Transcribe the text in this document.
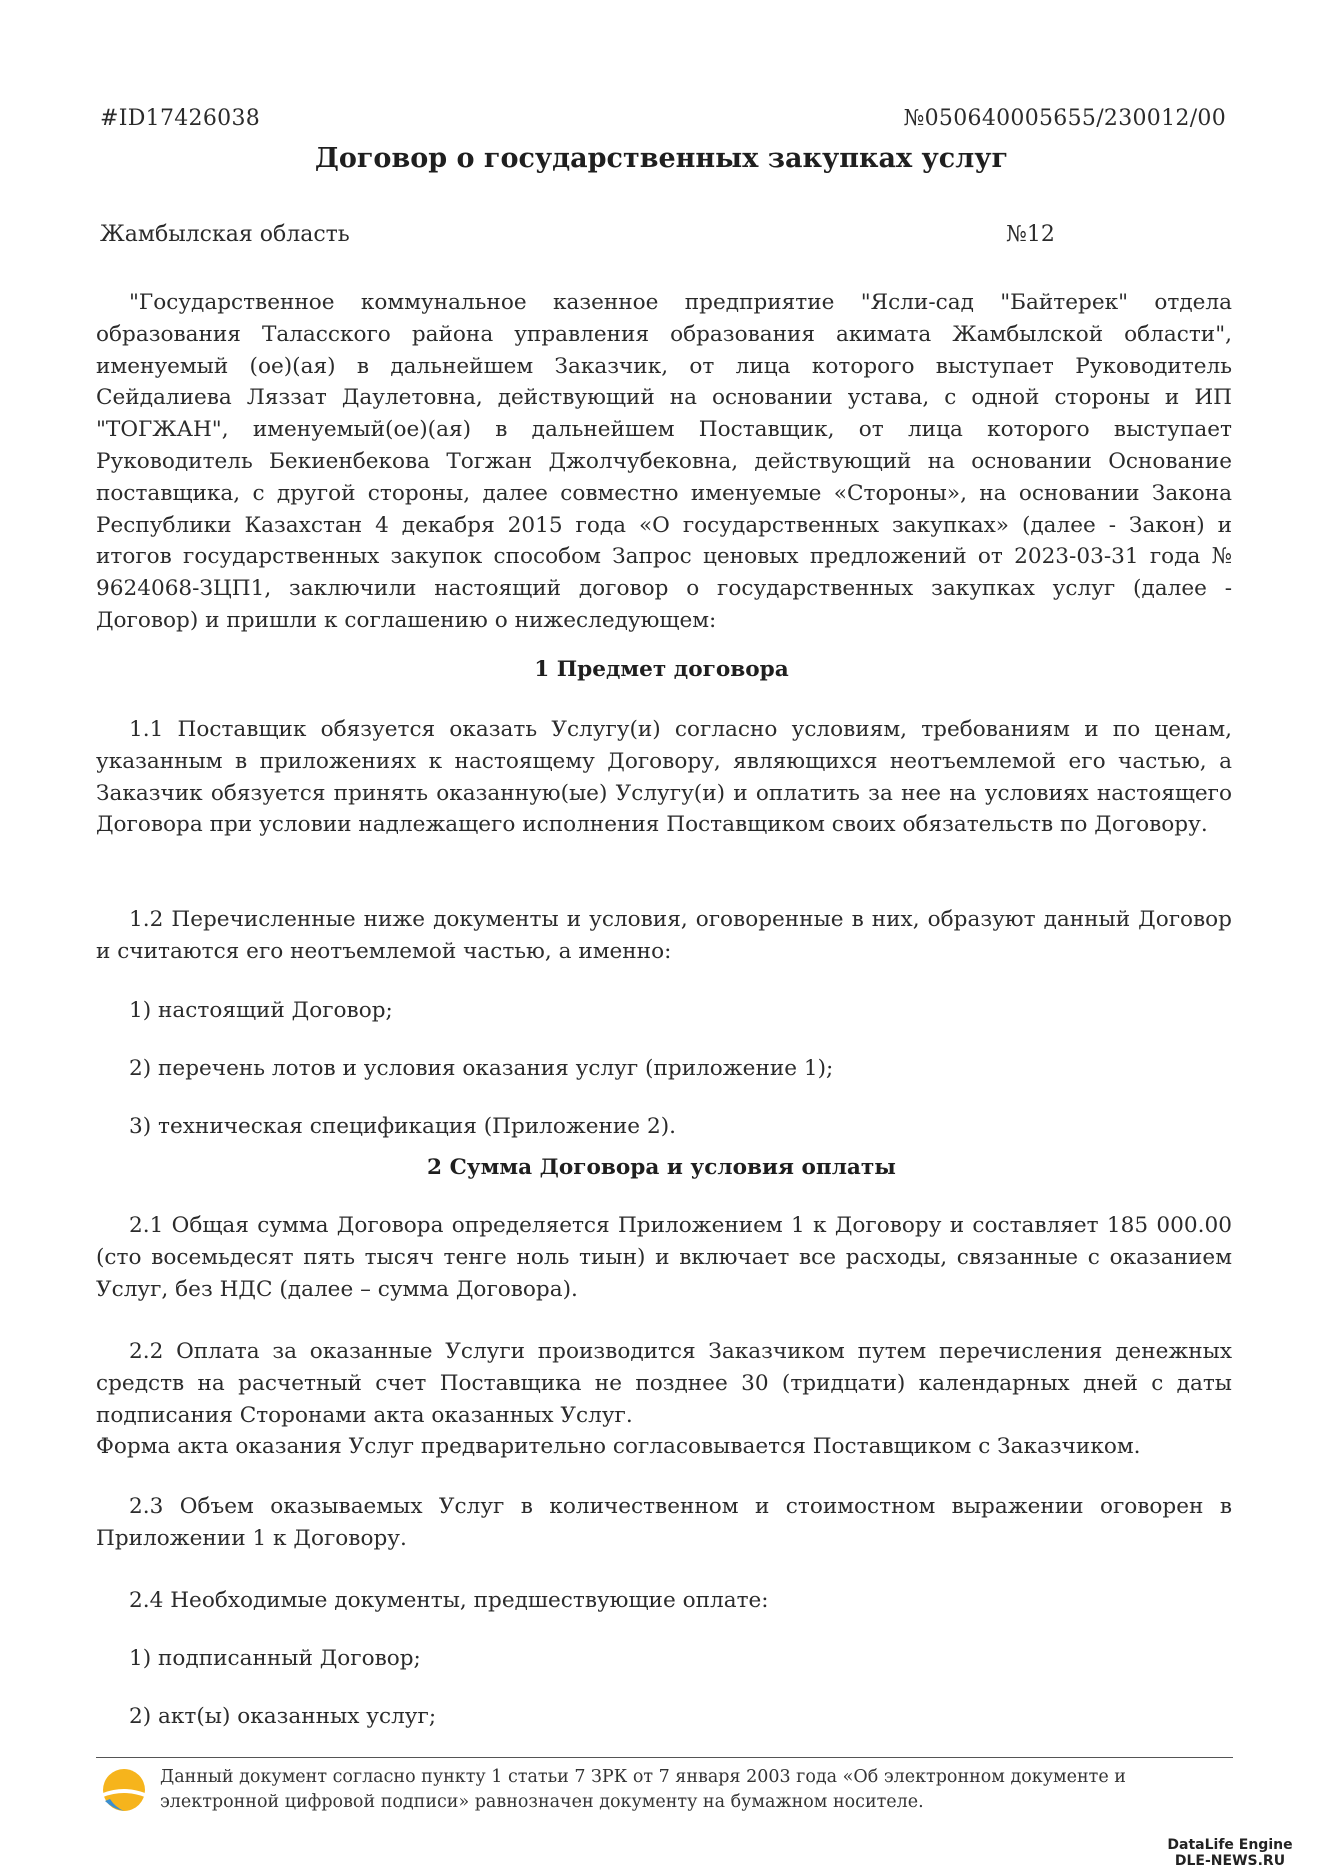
#ID17426038	№050640005655/230012/00
Договор о государственных закупках услуг
Жамбылская область	№12
"Государственное коммунальное казенное предприятие "Ясли-сад "Байтерек" отдела образования Таласского района управления образования акимата Жамбылской области", именуемый (ое)(ая) в дальнейшем Заказчик, от лица которого выступает Руководитель Сейдалиева Ляззат Даулетовна, действующий на основании устава, с одной стороны и ИП "ТОГЖАН", именуемый(ое)(ая) в дальнейшем Поставщик, от лица которого выступает Руководитель Бекиенбекова Тогжан Джолчубековна, действующий на основании Основание поставщика, с другой стороны, далее совместно именуемые «Стороны», на основании Закона Республики Казахстан 4 декабря 2015 года «О государственных закупках» (далее - Закон) и итогов государственных закупок способом Запрос ценовых предложений от 2023-03-31 года № 9624068-ЗЦП1, заключили настоящий договор о государственных закупках услуг (далее - Договор) и пришли к соглашению о нижеследующем:
1 Предмет договора
1.1 Поставщик обязуется оказать Услугу(и) согласно условиям, требованиям и по ценам, указанным в приложениях к настоящему Договору, являющихся неотъемлемой его частью, а Заказчик обязуется принять оказанную(ые) Услугу(и) и оплатить за нее на условиях настоящего Договора при условии надлежащего исполнения Поставщиком своих обязательств по Договору.
1.2 Перечисленные ниже документы и условия, оговоренные в них, образуют данный Договор и считаются его неотъемлемой частью, а именно:
1) настоящий Договор;
2) перечень лотов и условия оказания услуг (приложение 1);
3) техническая спецификация (Приложение 2).
2 Сумма Договора и условия оплаты
2.1 Общая сумма Договора определяется Приложением 1 к Договору и составляет 185 000.00 (сто восемьдесят пять тысяч тенге ноль тиын) и включает все расходы, связанные с оказанием Услуг, без НДС (далее – сумма Договора).
2.2 Оплата за оказанные Услуги производится Заказчиком путем перечисления денежных средств на расчетный счет Поставщика не позднее 30 (тридцати) календарных дней с даты подписания Сторонами акта оказанных Услуг.
Форма акта оказания Услуг предварительно согласовывается Поставщиком с Заказчиком.
2.3 Объем оказываемых Услуг в количественном и стоимостном выражении оговорен в Приложении 1 к Договору.
2.4 Необходимые документы, предшествующие оплате:
1) подписанный Договор;
2) акт(ы) оказанных услуг;
Данный документ согласно пункту 1 статьи 7 ЗРК от 7 января 2003 года «Об электронном документе и электронной цифровой подписи» равнозначен документу на бумажном носителе.
DataLife Engine
DLE-NEWS.RU
